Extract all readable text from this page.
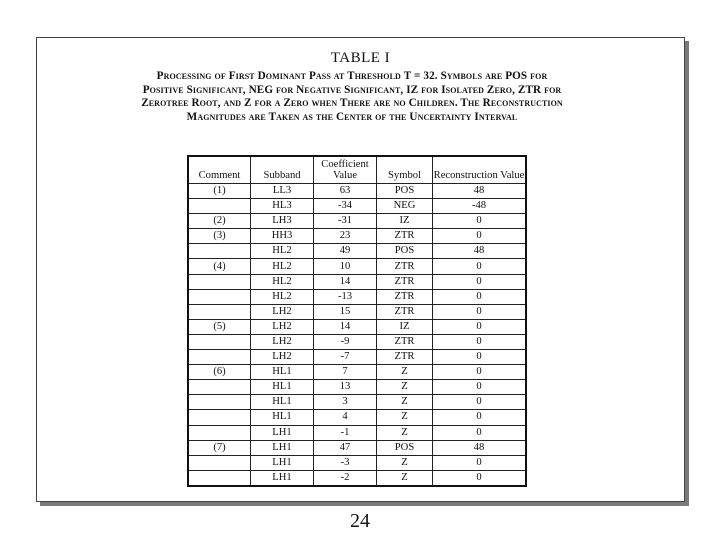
TABLE I
Processing of First Dominant Pass at Threshold T = 32. Symbols are POS for Positive Significant, NEG for Negative Significant, IZ for Isolated Zero, ZTR for Zerotree Root, and Z for a Zero when There are no Children. The Reconstruction Magnitudes are Taken as the Center of the Uncertainty Interval
Comment	Subband	Coefficient Value	Symbol	Reconstruction Value
(1)	LL3	63	POS	48
	HL3	-34	NEG	-48
(2)	LH3	-31	IZ	0
(3)	HH3	23	ZTR	0
	HL2	49	POS	48
(4)	HL2	10	ZTR	0
	HL2	14	ZTR	0
	HL2	-13	ZTR	0
	LH2	15	ZTR	0
(5)	LH2	14	IZ	0
	LH2	-9	ZTR	0
	LH2	-7	ZTR	0
(6)	HL1	7	Z	0
	HL1	13	Z	0
	HL1	3	Z	0
	HL1	4	Z	0
	LH1	-1	Z	0
(7)	LH1	47	POS	48
	LH1	-3	Z	0
	LH1	-2	Z	0
24
